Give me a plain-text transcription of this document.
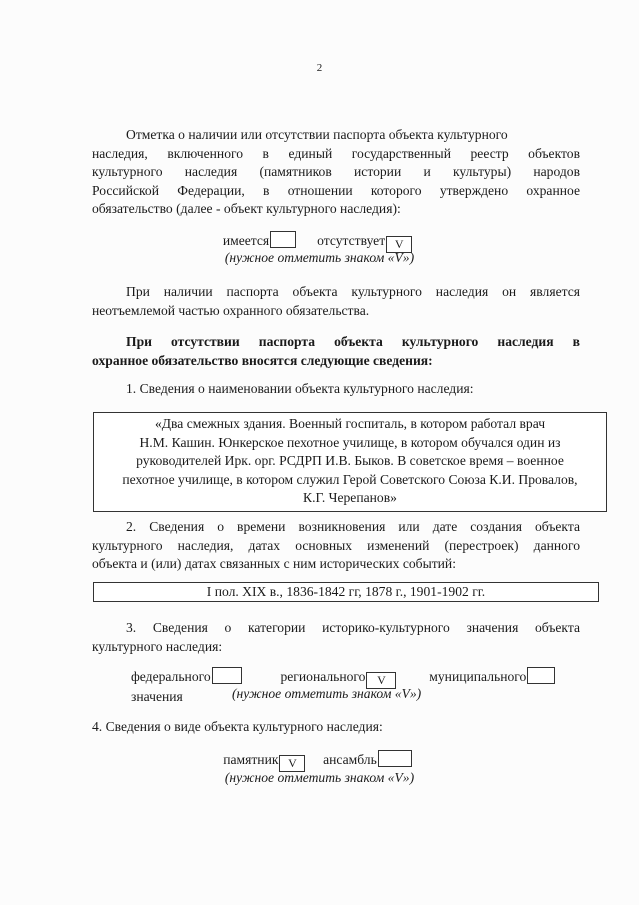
2
Отметка о наличии или отсутствии паспорта объекта культурного
наследия, включенного в единый государственный реестр объектов
культурного наследия (памятников истории и культуры) народов
Российской Федерации, в отношении которого утверждено охранное
обязательство (далее - объект культурного наследия):
имеется	отсутствует V
(нужное отметить знаком «V»)
При наличии паспорта объекта культурного наследия он является
неотъемлемой частью охранного обязательства.
При отсутствии паспорта объекта культурного наследия в
охранное обязательство вносятся следующие сведения:
1. Сведения о наименовании объекта культурного наследия:
«Два смежных здания. Военный госпиталь, в котором работал врач
Н.М. Кашин. Юнкерское пехотное училище, в котором обучался один из
руководителей Ирк. орг. РСДРП И.В. Быков. В советское время – военное
пехотное училище, в котором служил Герой Советского Союза К.И. Провалов,
К.Г. Черепанов»
2. Сведения о времени возникновения или дате создания объекта
культурного наследия, датах основных изменений (перестроек) данного
объекта и (или) датах связанных с ним исторических событий:
I пол. XIX в., 1836-1842 гг, 1878 г., 1901-1902 гг.
3. Сведения о категории историко-культурного значения объекта
культурного наследия:
федерального	регионального V	муниципального значения	(нужное отметить знаком «V»)
4. Сведения о виде объекта культурного наследия:
памятник V ансамбль
(нужное отметить знаком «V»)
